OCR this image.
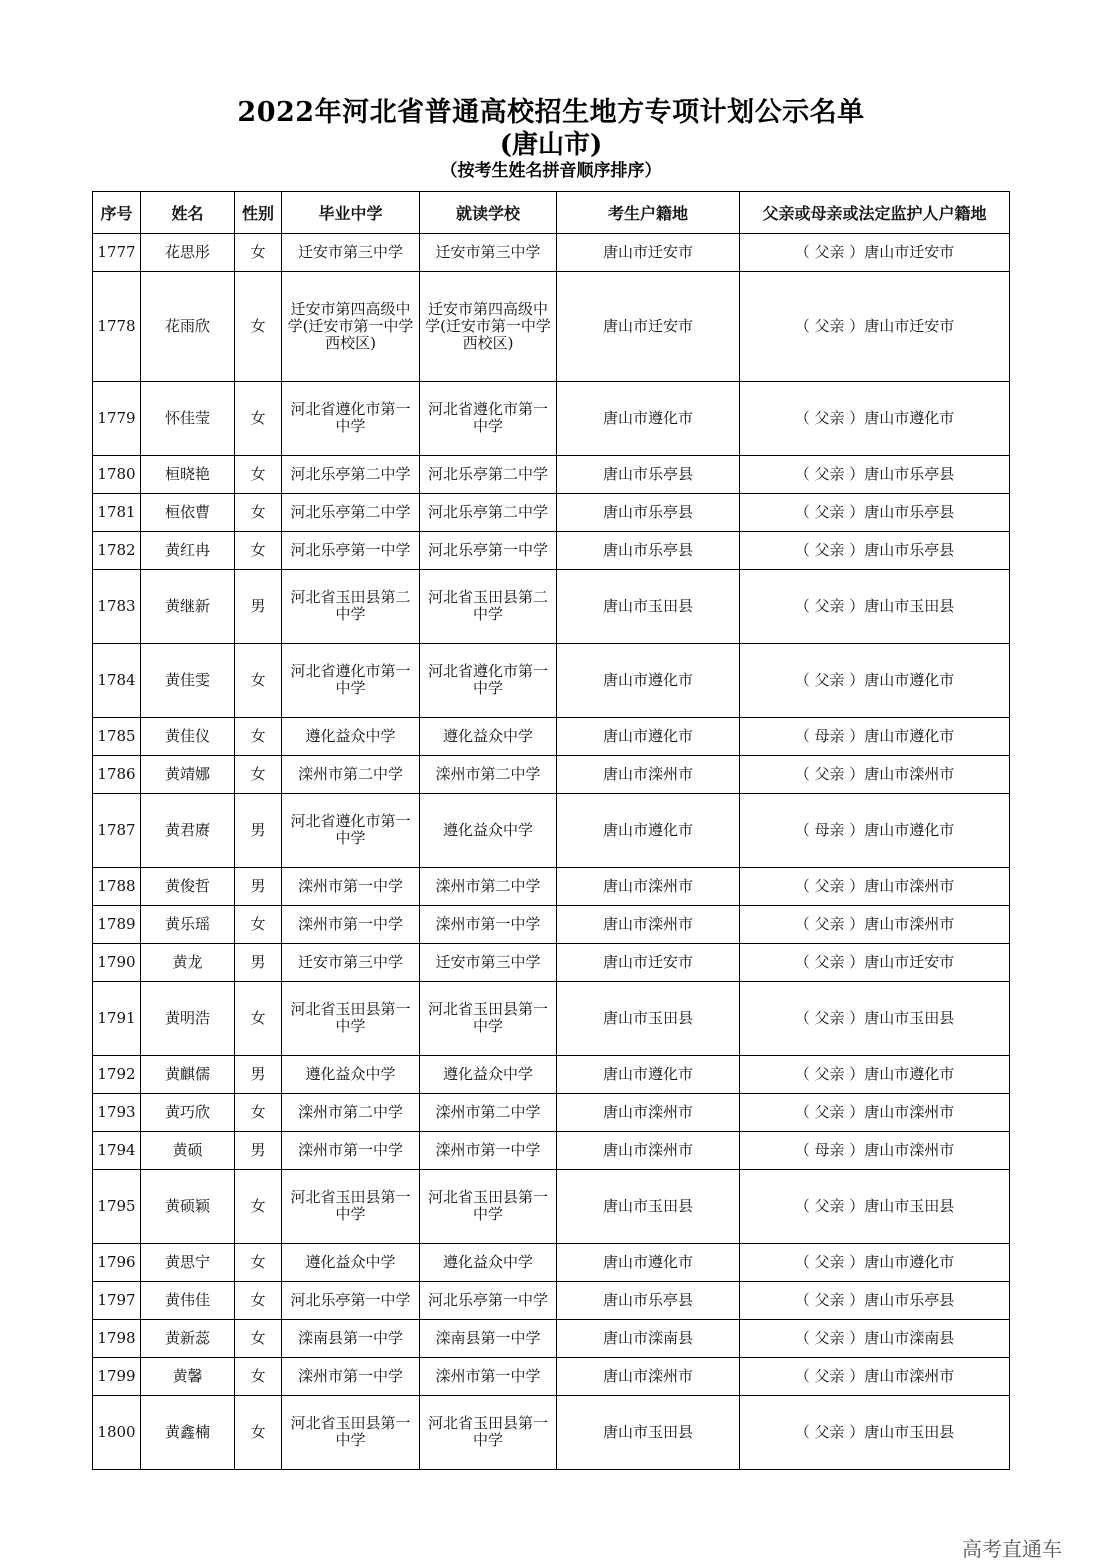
2022年河北省普通高校招生地方专项计划公示名单
(唐山市)
（按考生姓名拼音顺序排序）
序号	姓名	性别	毕业中学	就读学校	考生户籍地	父亲或母亲或法定监护人户籍地
1777	花思彤	女	迁安市第三中学	迁安市第三中学	唐山市迁安市	（ 父亲 ）唐山市迁安市
1778	花雨欣	女	迁安市第四高级中学(迁安市第一中学西校区)	迁安市第四高级中学(迁安市第一中学西校区)	唐山市迁安市	（ 父亲 ）唐山市迁安市
1779	怀佳莹	女	河北省遵化市第一中学	河北省遵化市第一中学	唐山市遵化市	（ 父亲 ）唐山市遵化市
1780	桓晓艳	女	河北乐亭第二中学	河北乐亭第二中学	唐山市乐亭县	（ 父亲 ）唐山市乐亭县
1781	桓依曹	女	河北乐亭第二中学	河北乐亭第二中学	唐山市乐亭县	（ 父亲 ）唐山市乐亭县
1782	黄红冉	女	河北乐亭第一中学	河北乐亭第一中学	唐山市乐亭县	（ 父亲 ）唐山市乐亭县
1783	黄继新	男	河北省玉田县第二中学	河北省玉田县第二中学	唐山市玉田县	（ 父亲 ）唐山市玉田县
1784	黄佳雯	女	河北省遵化市第一中学	河北省遵化市第一中学	唐山市遵化市	（ 父亲 ）唐山市遵化市
1785	黄佳仪	女	遵化益众中学	遵化益众中学	唐山市遵化市	（ 母亲 ）唐山市遵化市
1786	黄靖娜	女	滦州市第二中学	滦州市第二中学	唐山市滦州市	（ 父亲 ）唐山市滦州市
1787	黄君赓	男	河北省遵化市第一中学	遵化益众中学	唐山市遵化市	（ 母亲 ）唐山市遵化市
1788	黄俊哲	男	滦州市第一中学	滦州市第二中学	唐山市滦州市	（ 父亲 ）唐山市滦州市
1789	黄乐瑶	女	滦州市第一中学	滦州市第一中学	唐山市滦州市	（ 父亲 ）唐山市滦州市
1790	黄龙	男	迁安市第三中学	迁安市第三中学	唐山市迁安市	（ 父亲 ）唐山市迁安市
1791	黄明浩	女	河北省玉田县第一中学	河北省玉田县第一中学	唐山市玉田县	（ 父亲 ）唐山市玉田县
1792	黄麒儒	男	遵化益众中学	遵化益众中学	唐山市遵化市	（ 父亲 ）唐山市遵化市
1793	黄巧欣	女	滦州市第二中学	滦州市第二中学	唐山市滦州市	（ 父亲 ）唐山市滦州市
1794	黄硕	男	滦州市第一中学	滦州市第一中学	唐山市滦州市	（ 母亲 ）唐山市滦州市
1795	黄硕颖	女	河北省玉田县第一中学	河北省玉田县第一中学	唐山市玉田县	（ 父亲 ）唐山市玉田县
1796	黄思宁	女	遵化益众中学	遵化益众中学	唐山市遵化市	（ 父亲 ）唐山市遵化市
1797	黄伟佳	女	河北乐亭第一中学	河北乐亭第一中学	唐山市乐亭县	（ 父亲 ）唐山市乐亭县
1798	黄新蕊	女	滦南县第一中学	滦南县第一中学	唐山市滦南县	（ 父亲 ）唐山市滦南县
1799	黄馨	女	滦州市第一中学	滦州市第一中学	唐山市滦州市	（ 父亲 ）唐山市滦州市
1800	黄鑫楠	女	河北省玉田县第一中学	河北省玉田县第一中学	唐山市玉田县	（ 父亲 ）唐山市玉田县
高考直通车
